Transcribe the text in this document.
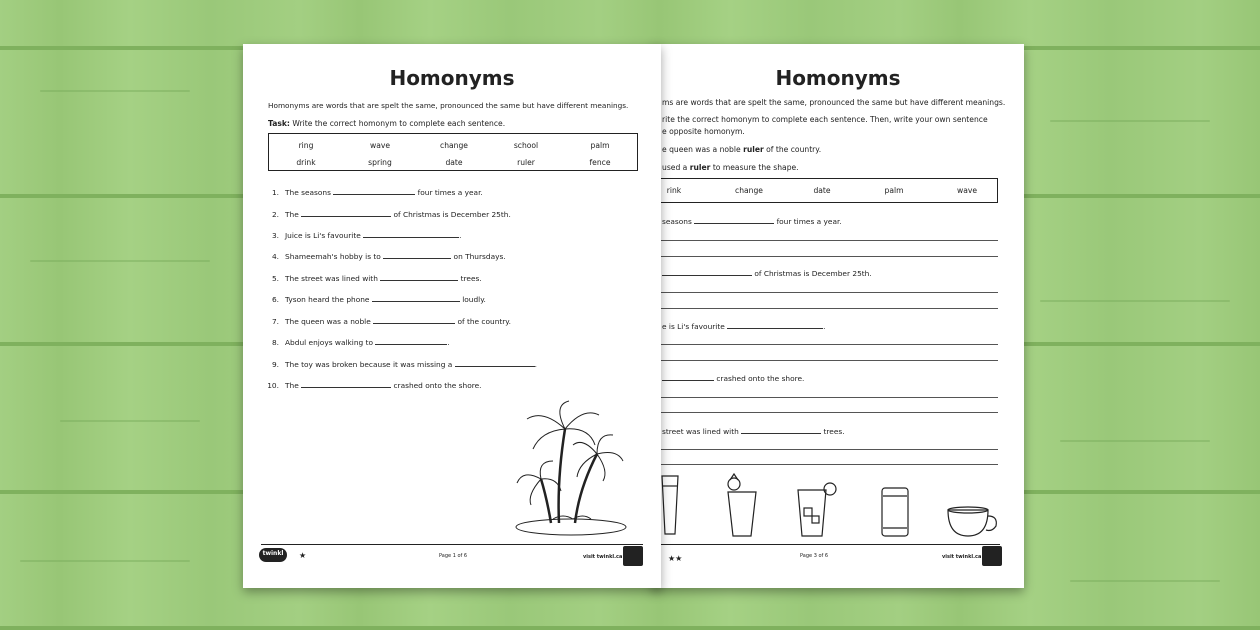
Homonyms
ms are words that are spelt the same, pronounced the same but have different meanings.
rite the correct homonym to complete each sentence. Then, write your own sentence
e opposite homonym.
e queen was a noble ruler of the country.
used a ruler to measure the shape.
rink	change	date	palm	wave
seasons	four times a year.
of Christmas is December 25th.
e is Li's favourite	.
crashed onto the shore.
street was lined with	trees.
★★	Page 3 of 6	visit twinkl.ca
Homonyms
Homonyms are words that are spelt the same, pronounced the same but have different meanings.
Task: Write the correct homonym to complete each sentence.
ring	wave	change	school	palm
drink	spring	date	ruler	fence
1. The seasons	four times a year.
2. The	of Christmas is December 25th.
3. Juice is Li's favourite	.
4. Shameemah's hobby is to	on Thursdays.
5. The street was lined with	trees.
6. Tyson heard the phone	loudly.
7. The queen was a noble	of the country.
8. Abdul enjoys walking to	.
9. The toy was broken because it was missing a	.
10. The	crashed onto the shore.
twinkl	★	Page 1 of 6	visit twinkl.ca
